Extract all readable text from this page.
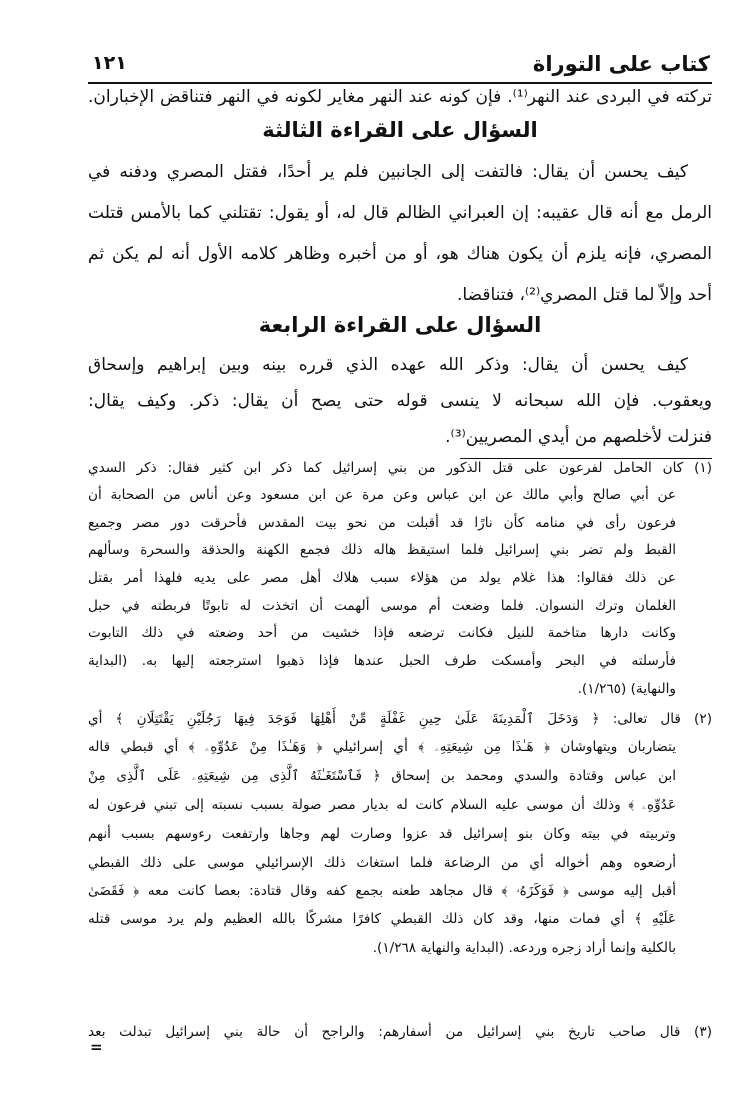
١٢١	كتاب على التوراة
تركته في البردى عند النهر⁽¹⁾. فإن كونه عند النهر مغاير لكونه في النهر فتناقض الإخباران.
السؤال على القراءة الثالثة
كيف يحسن أن يقال: فالتفت إلى الجانبين فلم ير أحدًا، فقتل المصري ودفنه في
الرمل مع أنه قال عقيبه: إن العبراني الظالم قال له، أو يقول: تقتلني كما بالأمس قتلت
المصري، فإنه يلزم أن يكون هناك هو، أو من أخبره وظاهر كلامه الأول أنه لم يكن ثم
أحد وإلاّ لما قتل المصري⁽²⁾، فتناقضا.
السؤال على القراءة الرابعة
كيف يحسن أن يقال: وذكر الله عهده الذي قرره بينه وبين إبراهيم وإسحاق
ويعقوب. فإن الله سبحانه لا ينسى قوله حتى يصح أن يقال: ذكر. وكيف يقال:
فنزلت لأخلصهم من أيدي المصريين⁽³⁾.
(١) كان الحامل لفرعون على قتل الذكور من بني إسرائيل كما ذكر ابن كثير فقال: ذكر السدي
عن أبي صالح وأبي مالك عن ابن عباس وعن مرة عن ابن مسعود وعن أناس من الصحابة أن
فرعون رأى في منامه كأن نارًا قد أقبلت من نحو بيت المقدس فأحرقت دور مصر وجميع
القبط ولم تضر بني إسرائيل فلما استيقظ هاله ذلك فجمع الكهنة والحذقة والسحرة وسألهم
عن ذلك فقالوا: هذا غلام يولد من هؤلاء سبب هلاك أهل مصر على يديه فلهذا أمر بقتل
الغلمان وترك النسوان. فلما وضعت أم موسى ألهمت أن اتخذت له تابوتًا فربطته في حبل
وكانت دارها متاخمة للنيل فكانت ترضعه فإذا خشيت من أحد وضعته في ذلك التابوت
فأرسلته في البحر وأمسكت طرف الحبل عندها فإذا ذهبوا استرجعته إليها به. (البداية
والنهاية) (١/٢٦٥).
(٢) قال تعالى: ﴿ وَدَخَلَ ٱلْمَدِينَةَ عَلَىٰ حِينِ غَفْلَةٍ مِّنْ أَهْلِهَا فَوَجَدَ فِيهَا رَجُلَيْنِ يَقْتَتِلَانِ ﴾ أي
يتضاربان ويتهاوشان ﴿ هَـٰذَا مِن شِيعَتِهِۦ ﴾ أي إسرائيلي ﴿ وَهَـٰذَا مِنْ عَدُوِّهِۦ ﴾ أي قبطي قاله
ابن عباس وقتادة والسدي ومحمد بن إسحاق ﴿ فَٱسْتَغَـٰثَهُ ٱلَّذِى مِن شِيعَتِهِۦ عَلَى ٱلَّذِى مِنْ
عَدُوِّهِۦ ﴾ وذلك أن موسى عليه السلام كانت له بديار مصر صولة بسبب نسبته إلى تبني فرعون له
وتربيته في بيته وكان بنو إسرائيل قد عزوا وصارت لهم وجاها وارتفعت رءوسهم بسبب أنهم
أرضعوه وهم أخواله أي من الرضاعة فلما استغاث ذلك الإسرائيلي موسى على ذلك القبطي
أقبل إليه موسى ﴿ فَوَكَزَهُۥ ﴾ قال مجاهد طعنه بجمع كفه وقال قتادة: بعصا كانت معه ﴿ فَقَضَىٰ
عَلَيْهِ ﴾ أي فمات منها، وقد كان ذلك القبطي كافرًا مشركًا بالله العظيم ولم يرد موسى قتله
بالكلية وإنما أراد زجره وردعه. (البداية والنهاية ١/٢٦٨).
(٣) قال صاحب تاريخ بني إسرائيل من أسفارهم: والراجح أن حالة بني إسرائيل تبدلت بعد
=
